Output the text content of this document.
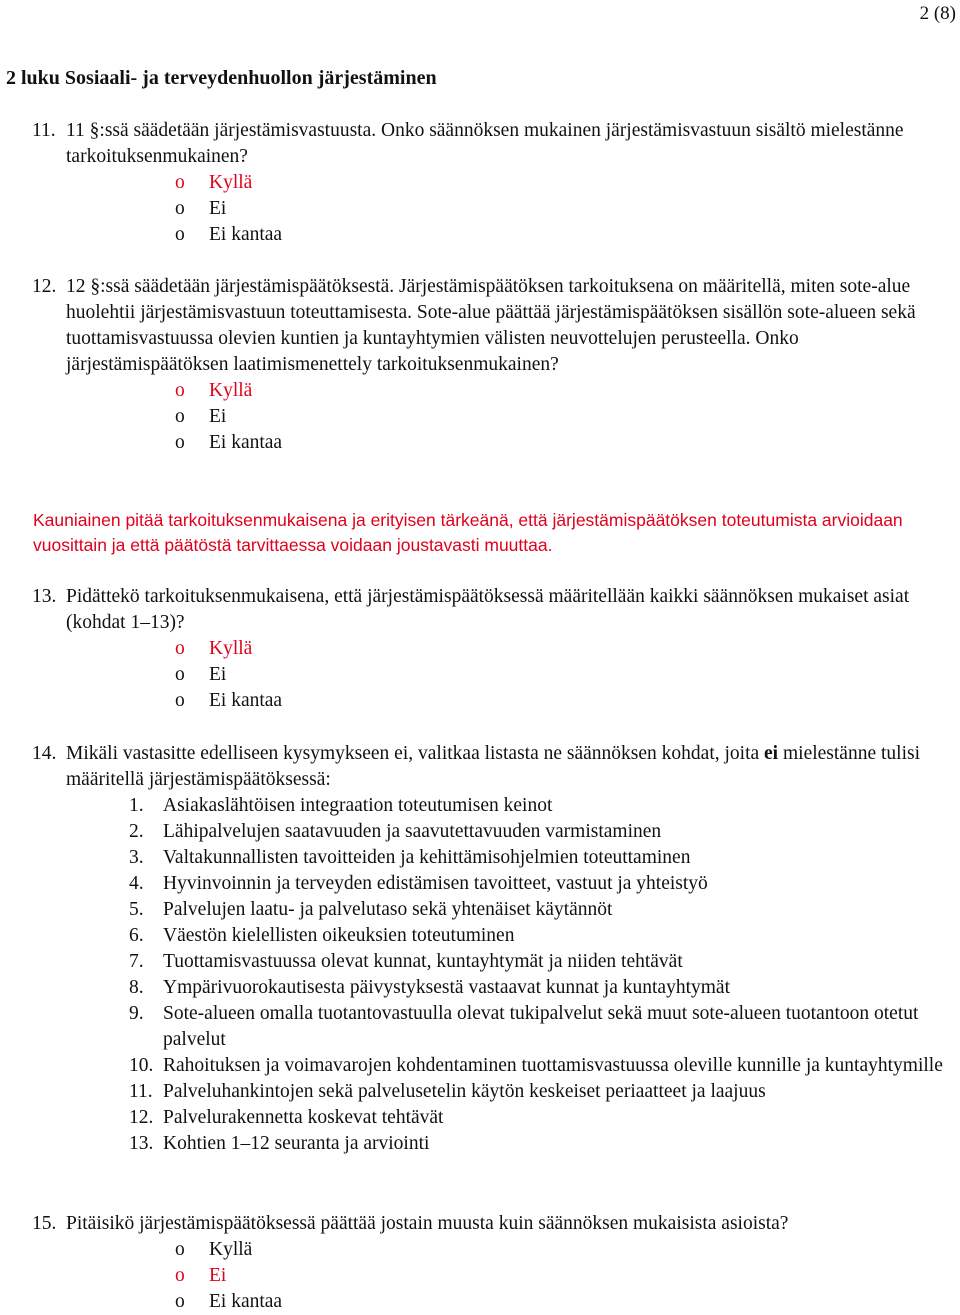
2 (8)
2 luku Sosiaali- ja terveydenhuollon järjestäminen
11. 11 §:ssä säädetään järjestämisvastuusta. Onko säännöksen mukainen järjestämisvastuun sisältö mielestänne tarkoituksenmukainen?
o	Kyllä
o	Ei
o	Ei kantaa
12. 12 §:ssä säädetään järjestämispäätöksestä. Järjestämispäätöksen tarkoituksena on määritellä, miten sote-alue huolehtii järjestämisvastuun toteuttamisesta. Sote-alue päättää järjestämispäätöksen sisällön sote-alueen sekä tuottamisvastuussa olevien kuntien ja kuntayhtymien välisten neuvottelujen perusteella. Onko järjestämispäätöksen laatimismenettely tarkoituksenmukainen?
o	Kyllä
o	Ei
o	Ei kantaa
Kauniainen pitää tarkoituksenmukaisena ja erityisen tärkeänä, että järjestämispäätöksen toteutumista arvioidaan vuosittain ja että päätöstä tarvittaessa voidaan joustavasti muuttaa.
13. Pidättekö tarkoituksenmukaisena, että järjestämispäätöksessä määritellään kaikki säännöksen mukaiset asiat (kohdat 1–13)?
o	Kyllä
o	Ei
o	Ei kantaa
14. Mikäli vastasitte edelliseen kysymykseen ei, valitkaa listasta ne säännöksen kohdat, joita ei mielestänne tulisi määritellä järjestämispäätöksessä:
1. Asiakaslähtöisen integraation toteutumisen keinot
2. Lähipalvelujen saatavuuden ja saavutettavuuden varmistaminen
3. Valtakunnallisten tavoitteiden ja kehittämisohjelmien toteuttaminen
4. Hyvinvoinnin ja terveyden edistämisen tavoitteet, vastuut ja yhteistyö
5. Palvelujen laatu- ja palvelutaso sekä yhtenäiset käytännöt
6. Väestön kielellisten oikeuksien toteutuminen
7. Tuottamisvastuussa olevat kunnat, kuntayhtymät ja niiden tehtävät
8. Ympärivuorokautisesta päivystyksestä vastaavat kunnat ja kuntayhtymät
9. Sote-alueen omalla tuotantovastuulla olevat tukipalvelut sekä muut sote-alueen tuotantoon otetut palvelut
10. Rahoituksen ja voimavarojen kohdentaminen tuottamisvastuussa oleville kunnille ja kuntayhtymille
11. Palveluhankintojen sekä palvelusetelin käytön keskeiset periaatteet ja laajuus
12. Palvelurakennetta koskevat tehtävät
13. Kohtien 1–12 seuranta ja arviointi
15. Pitäisikö järjestämispäätöksessä päättää jostain muusta kuin säännöksen mukaisista asioista?
o	Kyllä
o	Ei
o	Ei kantaa
